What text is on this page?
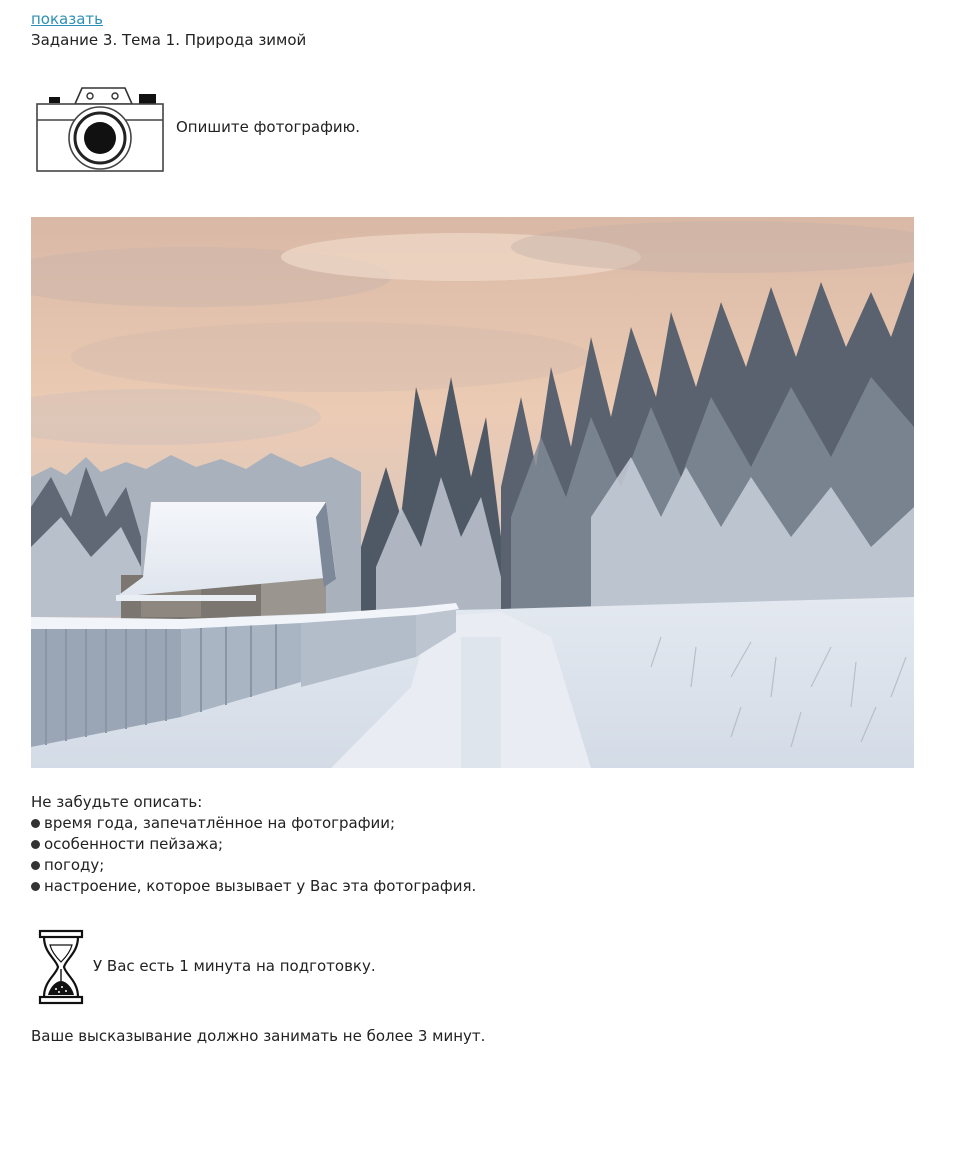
показать
Задание 3. Тема 1. Природа зимой
Опишите фотографию.
Не забудьте описать:
время года, запечатлённое на фотографии;
особенности пейзажа;
погоду;
настроение, которое вызывает у Вас эта фотография.
У Вас есть 1 минута на подготовку.
Ваше высказывание должно занимать не более 3 минут.
